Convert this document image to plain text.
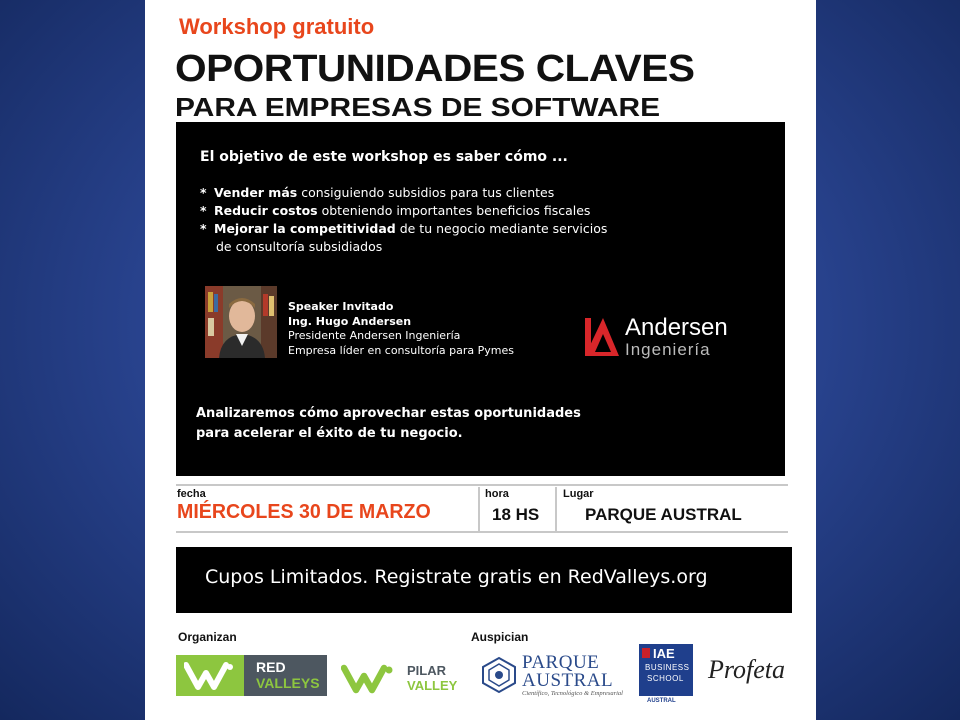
Workshop gratuito
OPORTUNIDADES CLAVES
PARA EMPRESAS DE SOFTWARE
El objetivo de este workshop es saber cómo ...
* Vender más consiguiendo subsidios para tus clientes
* Reducir costos obteniendo importantes beneficios fiscales
* Mejorar la competitividad de tu negocio mediante servicios
de consultoría subsidiados
Speaker Invitado
Ing. Hugo Andersen
Presidente Andersen Ingeniería
Empresa líder en consultoría para Pymes
Andersen
Ingeniería
Analizaremos cómo aprovechar estas oportunidades
para acelerar el éxito de tu negocio.
fecha
MIÉRCOLES 30 DE MARZO
hora
18 HS
Lugar
PARQUE AUSTRAL
Cupos Limitados. Registrate gratis en RedValleys.org
Organizan	Auspician
RED
VALLEYS
PILAR
VALLEY
PARQUE
AUSTRAL
Científico, Tecnológico & Empresarial
IAE
BUSINESS
SCHOOL
AUSTRAL
Profeta
